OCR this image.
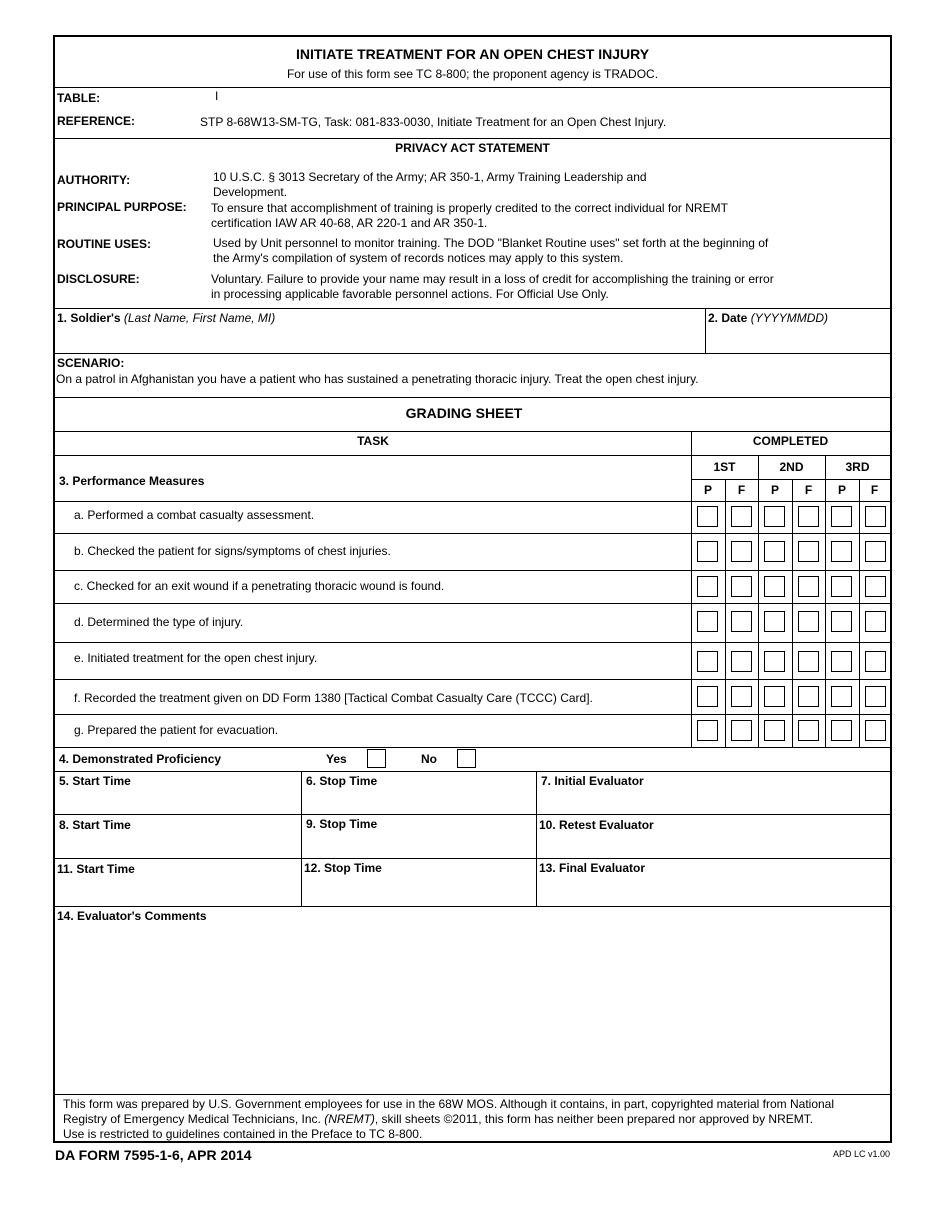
INITIATE TREATMENT FOR AN OPEN CHEST INJURY
For use of this form see TC 8-800; the proponent agency is TRADOC.
TABLE:	I
REFERENCE:	STP 8-68W13-SM-TG, Task: 081-833-0030, Initiate Treatment for an Open Chest Injury.
PRIVACY ACT STATEMENT
AUTHORITY:	10 U.S.C. § 3013 Secretary of the Army; AR 350-1, Army Training Leadership and
Development.
PRINCIPAL PURPOSE: To ensure that accomplishment of training is properly credited to the correct individual for NREMT
certification IAW AR 40-68, AR 220-1 and AR 350-1.
ROUTINE USES:	Used by Unit personnel to monitor training. The DOD "Blanket Routine uses" set forth at the beginning of
the Army's compilation of system of records notices may apply to this system.
DISCLOSURE:	Voluntary. Failure to provide your name may result in a loss of credit for accomplishing the training or error
in processing applicable favorable personnel actions. For Official Use Only.
1. Soldier's (Last Name, First Name, MI)	2. Date (YYYYMMDD)
SCENARIO:
On a patrol in Afghanistan you have a patient who has sustained a penetrating thoracic injury. Treat the open chest injury.
GRADING SHEET
TASK	COMPLETED
3. Performance Measures
1ST	2ND	3RD
P	F	P	F	P	F
a. Performed a combat casualty assessment.
b. Checked the patient for signs/symptoms of chest injuries.
c. Checked for an exit wound if a penetrating thoracic wound is found.
d. Determined the type of injury.
e. Initiated treatment for the open chest injury.
f. Recorded the treatment given on DD Form 1380 [Tactical Combat Casualty Care (TCCC) Card].
g. Prepared the patient for evacuation.
4. Demonstrated Proficiency	Yes	No
5. Start Time	6. Stop Time	7. Initial Evaluator
8. Start Time	9. Stop Time	10. Retest Evaluator
11. Start Time	12. Stop Time	13. Final Evaluator
14. Evaluator's Comments
This form was prepared by U.S. Government employees for use in the 68W MOS. Although it contains, in part, copyrighted material from National
Registry of Emergency Medical Technicians, Inc. (NREMT), skill sheets ©2011, this form has neither been prepared nor approved by NREMT.
Use is restricted to guidelines contained in the Preface to TC 8-800.
DA FORM 7595-1-6, APR 2014	APD LC v1.00
